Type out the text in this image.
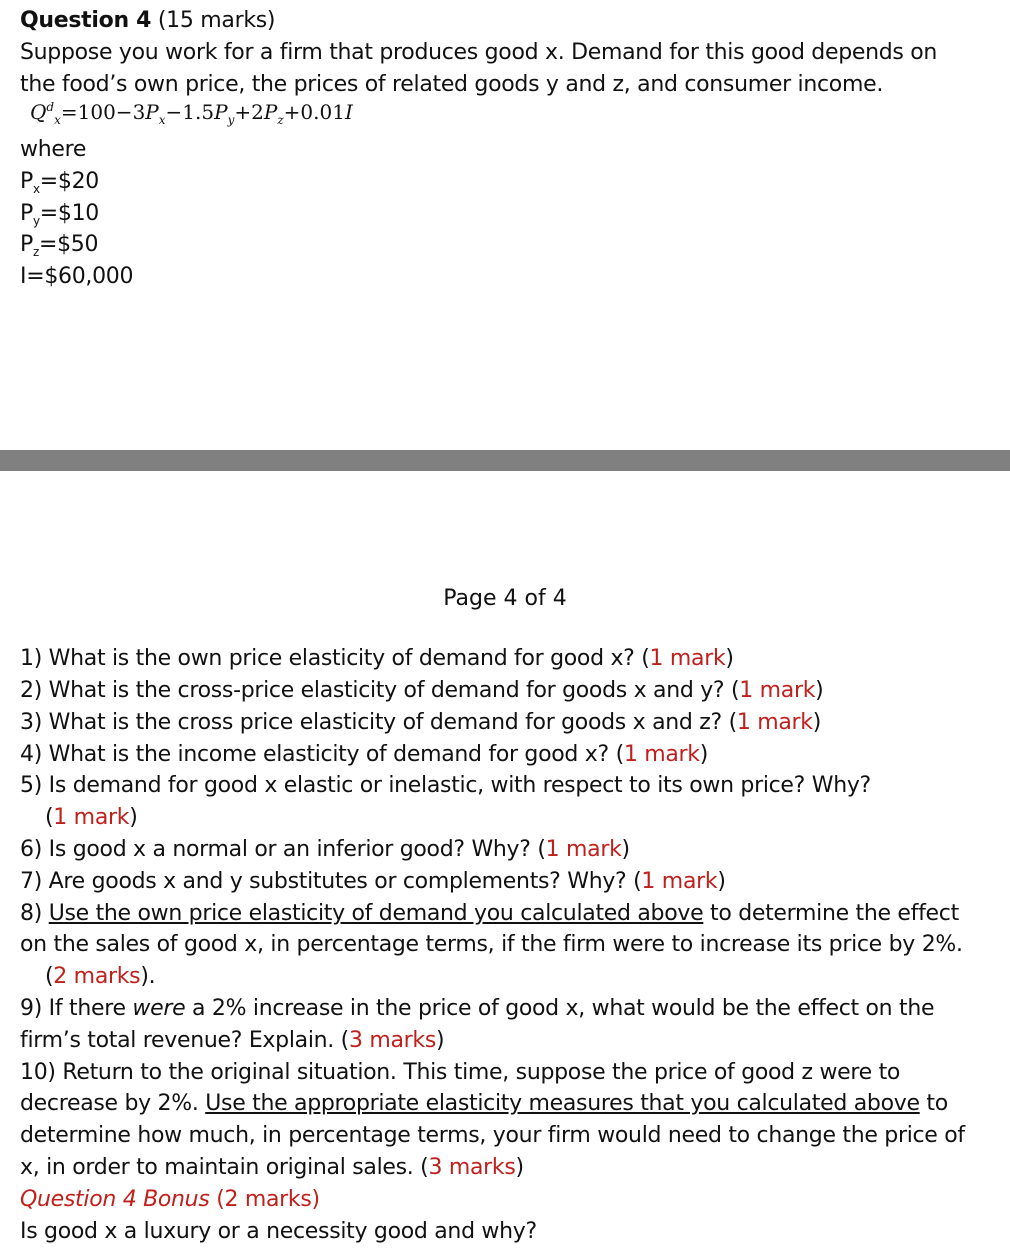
Question 4 (15 marks)
Suppose you work for a firm that produces good x. Demand for this good depends on
the food’s own price, the prices of related goods y and z, and consumer income.
$Q^d_x=100-3P_x-1.5P_y+2P_z+0.01I$
where
$P_x=\$20$
$P_y=\$10$
$P_z=\$50$
I=$60,000
Page 4 of 4
1) What is the own price elasticity of demand for good x? (1 mark)
2) What is the cross-price elasticity of demand for goods x and y? (1 mark)
3) What is the cross price elasticity of demand for goods x and z? (1 mark)
4) What is the income elasticity of demand for good x? (1 mark)
5) Is demand for good x elastic or inelastic, with respect to its own price? Why?
(1 mark)
6) Is good x a normal or an inferior good? Why? (1 mark)
7) Are goods x and y substitutes or complements? Why? (1 mark)
8) Use the own price elasticity of demand you calculated above to determine the effect
on the sales of good x, in percentage terms, if the firm were to increase its price by 2%.
(2 marks).
9) If there were a 2% increase in the price of good x, what would be the effect on the
firm’s total revenue? Explain. (3 marks)
10) Return to the original situation. This time, suppose the price of good z were to
decrease by 2%. Use the appropriate elasticity measures that you calculated above to
determine how much, in percentage terms, your firm would need to change the price of
x, in order to maintain original sales. (3 marks)
Question 4 Bonus (2 marks)
Is good x a luxury or a necessity good and why?
